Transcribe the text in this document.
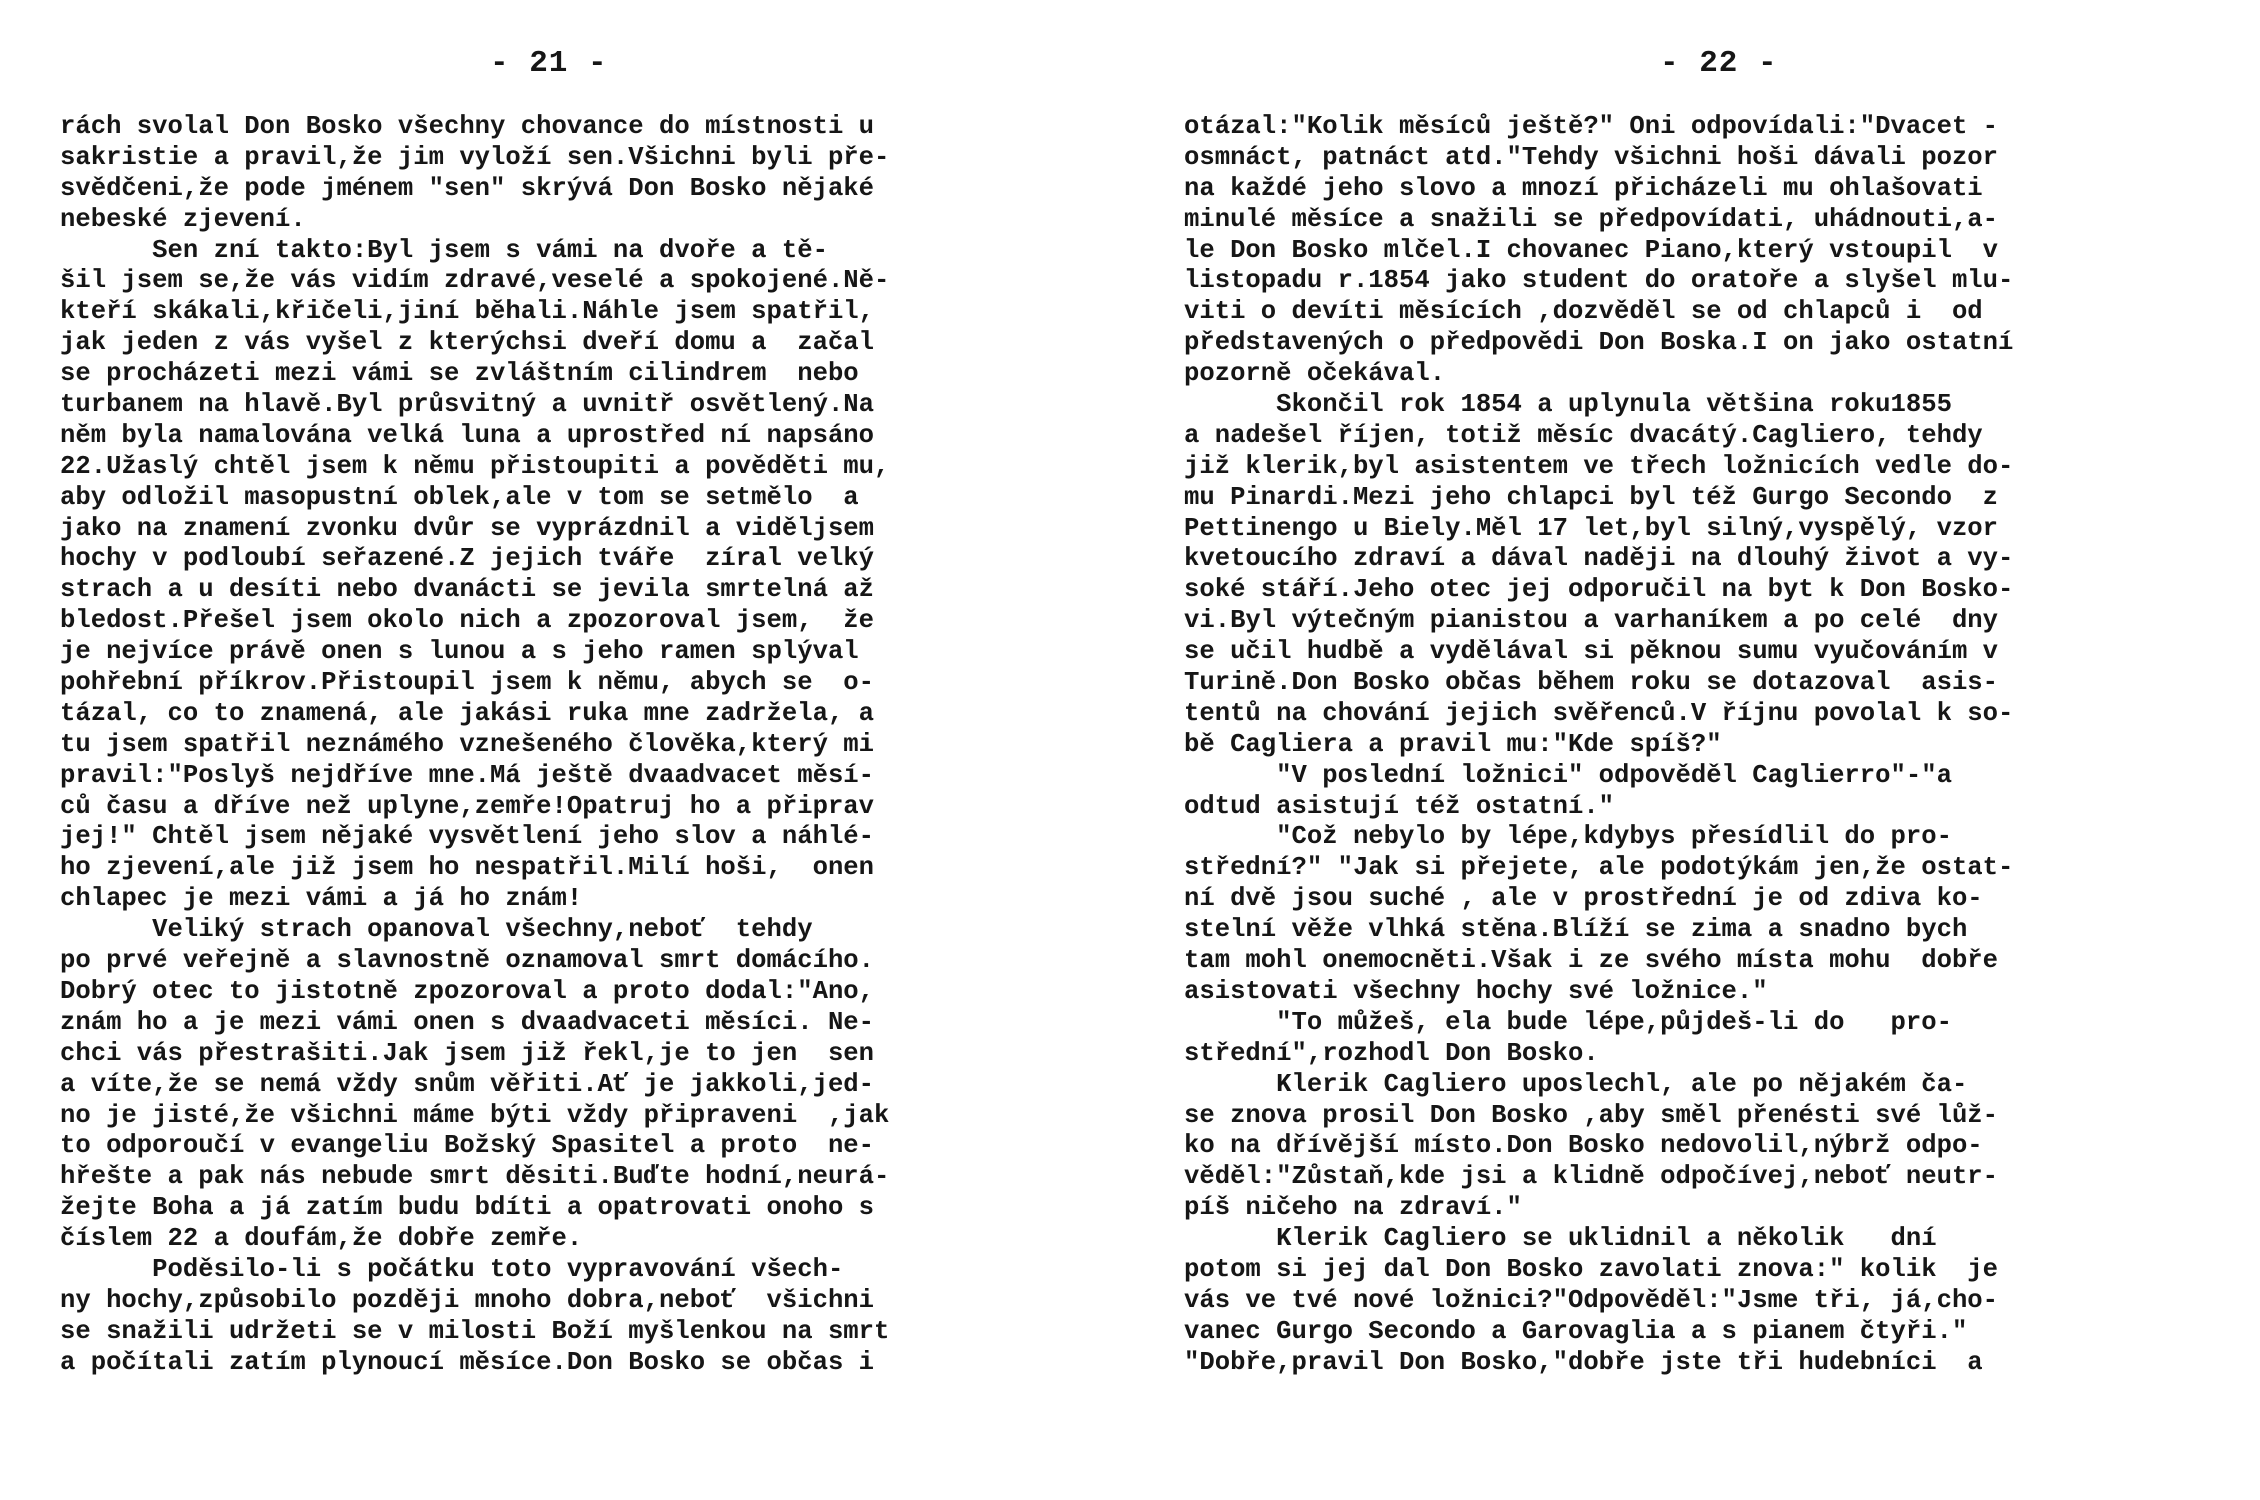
- 21 -
rách svolal Don Bosko všechny chovance do místnosti u
sakristie a pravil,že jim vyloží sen.Všichni byli pře-
svědčeni,že pode jménem "sen" skrývá Don Bosko nějaké
nebeské zjevení.
Sen zní takto:Byl jsem s vámi na dvoře a tě-
šil jsem se,že vás vidím zdravé,veselé a spokojené.Ně-
kteří skákali,křičeli,jiní běhali.Náhle jsem spatřil,
jak jeden z vás vyšel z kterýchsi dveří domu a  začal
se procházeti mezi vámi se zvláštním cilindrem  nebo
turbanem na hlavě.Byl průsvitný a uvnitř osvětlený.Na
něm byla namalována velká luna a uprostřed ní napsáno
22.Užaslý chtěl jsem k němu přistoupiti a pověděti mu,
aby odložil masopustní oblek,ale v tom se setmělo  a
jako na znamení zvonku dvůr se vyprázdnil a viděljsem
hochy v podloubí seřazené.Z jejich tváře  zíral velký
strach a u desíti nebo dvanácti se jevila smrtelná až
bledost.Přešel jsem okolo nich a zpozoroval jsem,  že
je nejvíce právě onen s lunou a s jeho ramen splýval
pohřební příkrov.Přistoupil jsem k němu, abych se  o-
tázal, co to znamená, ale jakási ruka mne zadržela, a
tu jsem spatřil neznámého vznešeného člověka,který mi
pravil:"Poslyš nejdříve mne.Má ještě dvaadvacet měsí-
ců času a dříve než uplyne,zemře!Opatruj ho a připrav
jej!" Chtěl jsem nějaké vysvětlení jeho slov a náhlé-
ho zjevení,ale již jsem ho nespatřil.Milí hoši,  onen
chlapec je mezi vámi a já ho znám!
Veliký strach opanoval všechny,neboť  tehdy
po prvé veřejně a slavnostně oznamoval smrt domácího.
Dobrý otec to jistotně zpozoroval a proto dodal:"Ano,
znám ho a je mezi vámi onen s dvaadvaceti měsíci. Ne-
chci vás přestrašiti.Jak jsem již řekl,je to jen  sen
a víte,že se nemá vždy snům věřiti.Ať je jakkoli,jed-
no je jisté,že všichni máme býti vždy připraveni  ,jak
to odporoučí v evangeliu Božský Spasitel a proto  ne-
hřešte a pak nás nebude smrt děsiti.Buďte hodní,neurá-
žejte Boha a já zatím budu bdíti a opatrovati onoho s
číslem 22 a doufám,že dobře zemře.
Poděsilo-li s počátku toto vypravování všech-
ny hochy,způsobilo později mnoho dobra,neboť  všichni
se snažili udržeti se v milosti Boží myšlenkou na smrt
a počítali zatím plynoucí měsíce.Don Bosko se občas i
- 22 -
otázal:"Kolik měsíců ještě?" Oni odpovídali:"Dvacet -
osmnáct, patnáct atd."Tehdy všichni hoši dávali pozor
na každé jeho slovo a mnozí přicházeli mu ohlašovati
minulé měsíce a snažili se předpovídati, uhádnouti,a-
le Don Bosko mlčel.I chovanec Piano,který vstoupil  v
listopadu r.1854 jako student do oratoře a slyšel mlu-
viti o devíti měsících ,dozvěděl se od chlapců i  od
představených o předpovědi Don Boska.I on jako ostatní
pozorně očekával.
Skončil rok 1854 a uplynula většina roku1855
a nadešel říjen, totiž měsíc dvacátý.Cagliero, tehdy
již klerik,byl asistentem ve třech ložnicích vedle do-
mu Pinardi.Mezi jeho chlapci byl též Gurgo Secondo  z
Pettinengo u Biely.Měl 17 let,byl silný,vyspělý, vzor
kvetoucího zdraví a dával naději na dlouhý život a vy-
soké stáří.Jeho otec jej odporučil na byt k Don Bosko-
vi.Byl výtečným pianistou a varhaníkem a po celé  dny
se učil hudbě a vydělával si pěknou sumu vyučováním v
Turině.Don Bosko občas během roku se dotazoval  asis-
tentů na chování jejich svěřenců.V říjnu povolal k so-
bě Cagliera a pravil mu:"Kde spíš?"
"V poslední ložnici" odpověděl Caglierro"-"a
odtud asistují též ostatní."
"Což nebylo by lépe,kdybys přesídlil do pro-
střední?" "Jak si přejete, ale podotýkám jen,že ostat-
ní dvě jsou suché , ale v prostřední je od zdiva ko-
stelní věže vlhká stěna.Blíží se zima a snadno bych
tam mohl onemocněti.Však i ze svého místa mohu  dobře
asistovati všechny hochy své ložnice."
"To můžeš, ela bude lépe,půjdeš-li do   pro-
střední",rozhodl Don Bosko.
Klerik Cagliero uposlechl, ale po nějakém ča-
se znova prosil Don Bosko ,aby směl přenésti své lůž-
ko na dřívější místo.Don Bosko nedovolil,nýbrž odpo-
věděl:"Zůstaň,kde jsi a klidně odpočívej,neboť neutr-
píš ničeho na zdraví."
Klerik Cagliero se uklidnil a několik   dní
potom si jej dal Don Bosko zavolati znova:" kolik  je
vás ve tvé nové ložnici?"Odpověděl:"Jsme tři, já,cho-
vanec Gurgo Secondo a Garovaglia a s pianem čtyři."
"Dobře,pravil Don Bosko,"dobře jste tři hudebníci  a
